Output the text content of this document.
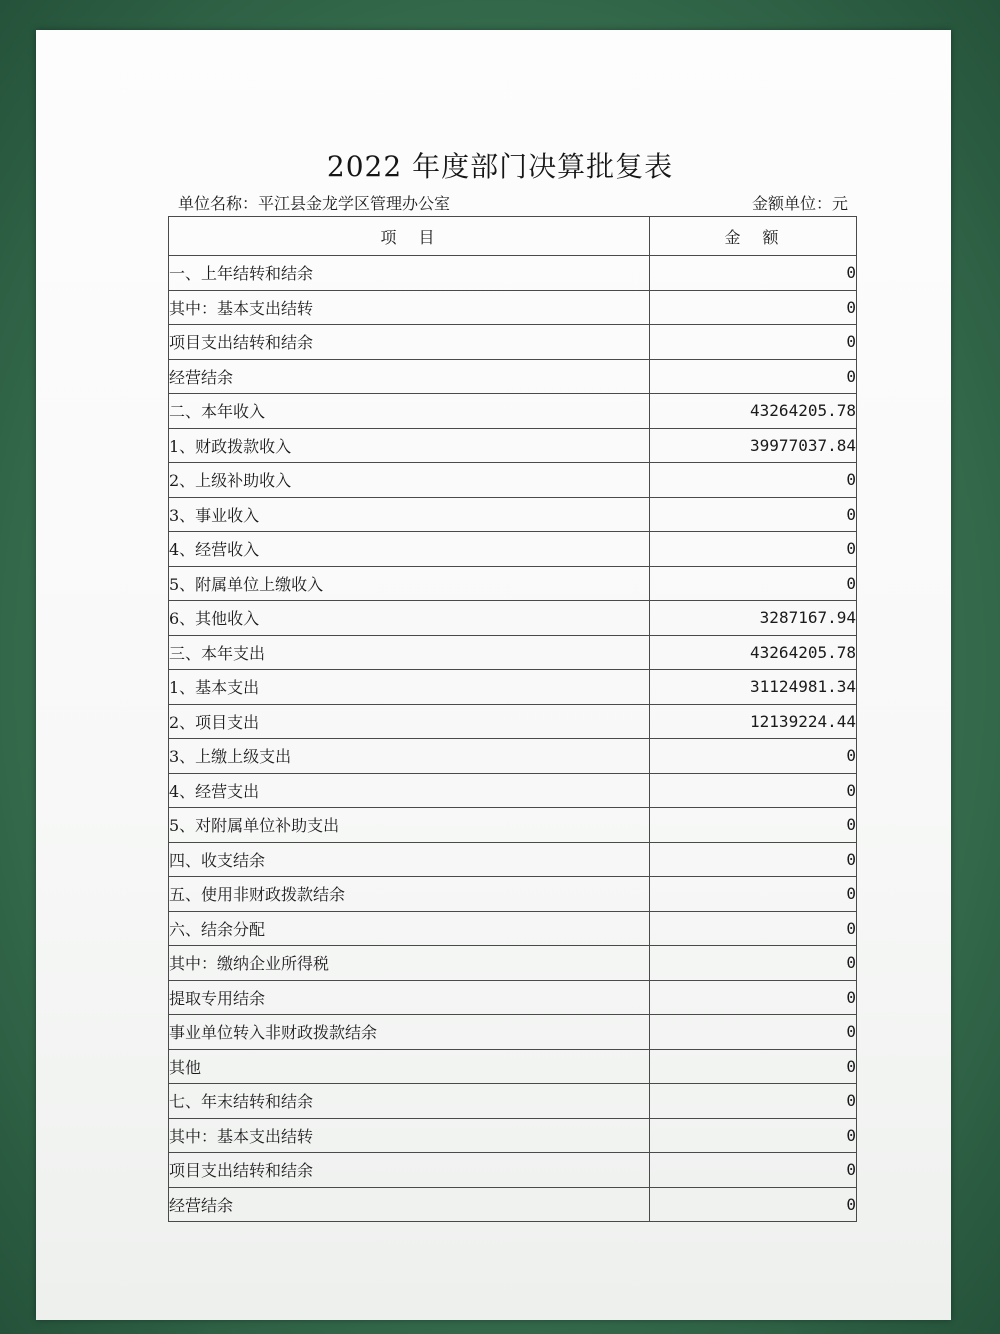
2022 年度部门决算批复表
单位名称：平江县金龙学区管理办公室	金额单位：元
项　目	金　额
一、上年结转和结余	0
其中：基本支出结转	0
项目支出结转和结余	0
经营结余	0
二、本年收入	43264205.78
1、财政拨款收入	39977037.84
2、上级补助收入	0
3、事业收入	0
4、经营收入	0
5、附属单位上缴收入	0
6、其他收入	3287167.94
三、本年支出	43264205.78
1、基本支出	31124981.34
2、项目支出	12139224.44
3、上缴上级支出	0
4、经营支出	0
5、对附属单位补助支出	0
四、收支结余	0
五、使用非财政拨款结余	0
六、结余分配	0
其中：缴纳企业所得税	0
提取专用结余	0
事业单位转入非财政拨款结余	0
其他	0
七、年末结转和结余	0
其中：基本支出结转	0
项目支出结转和结余	0
经营结余	0
